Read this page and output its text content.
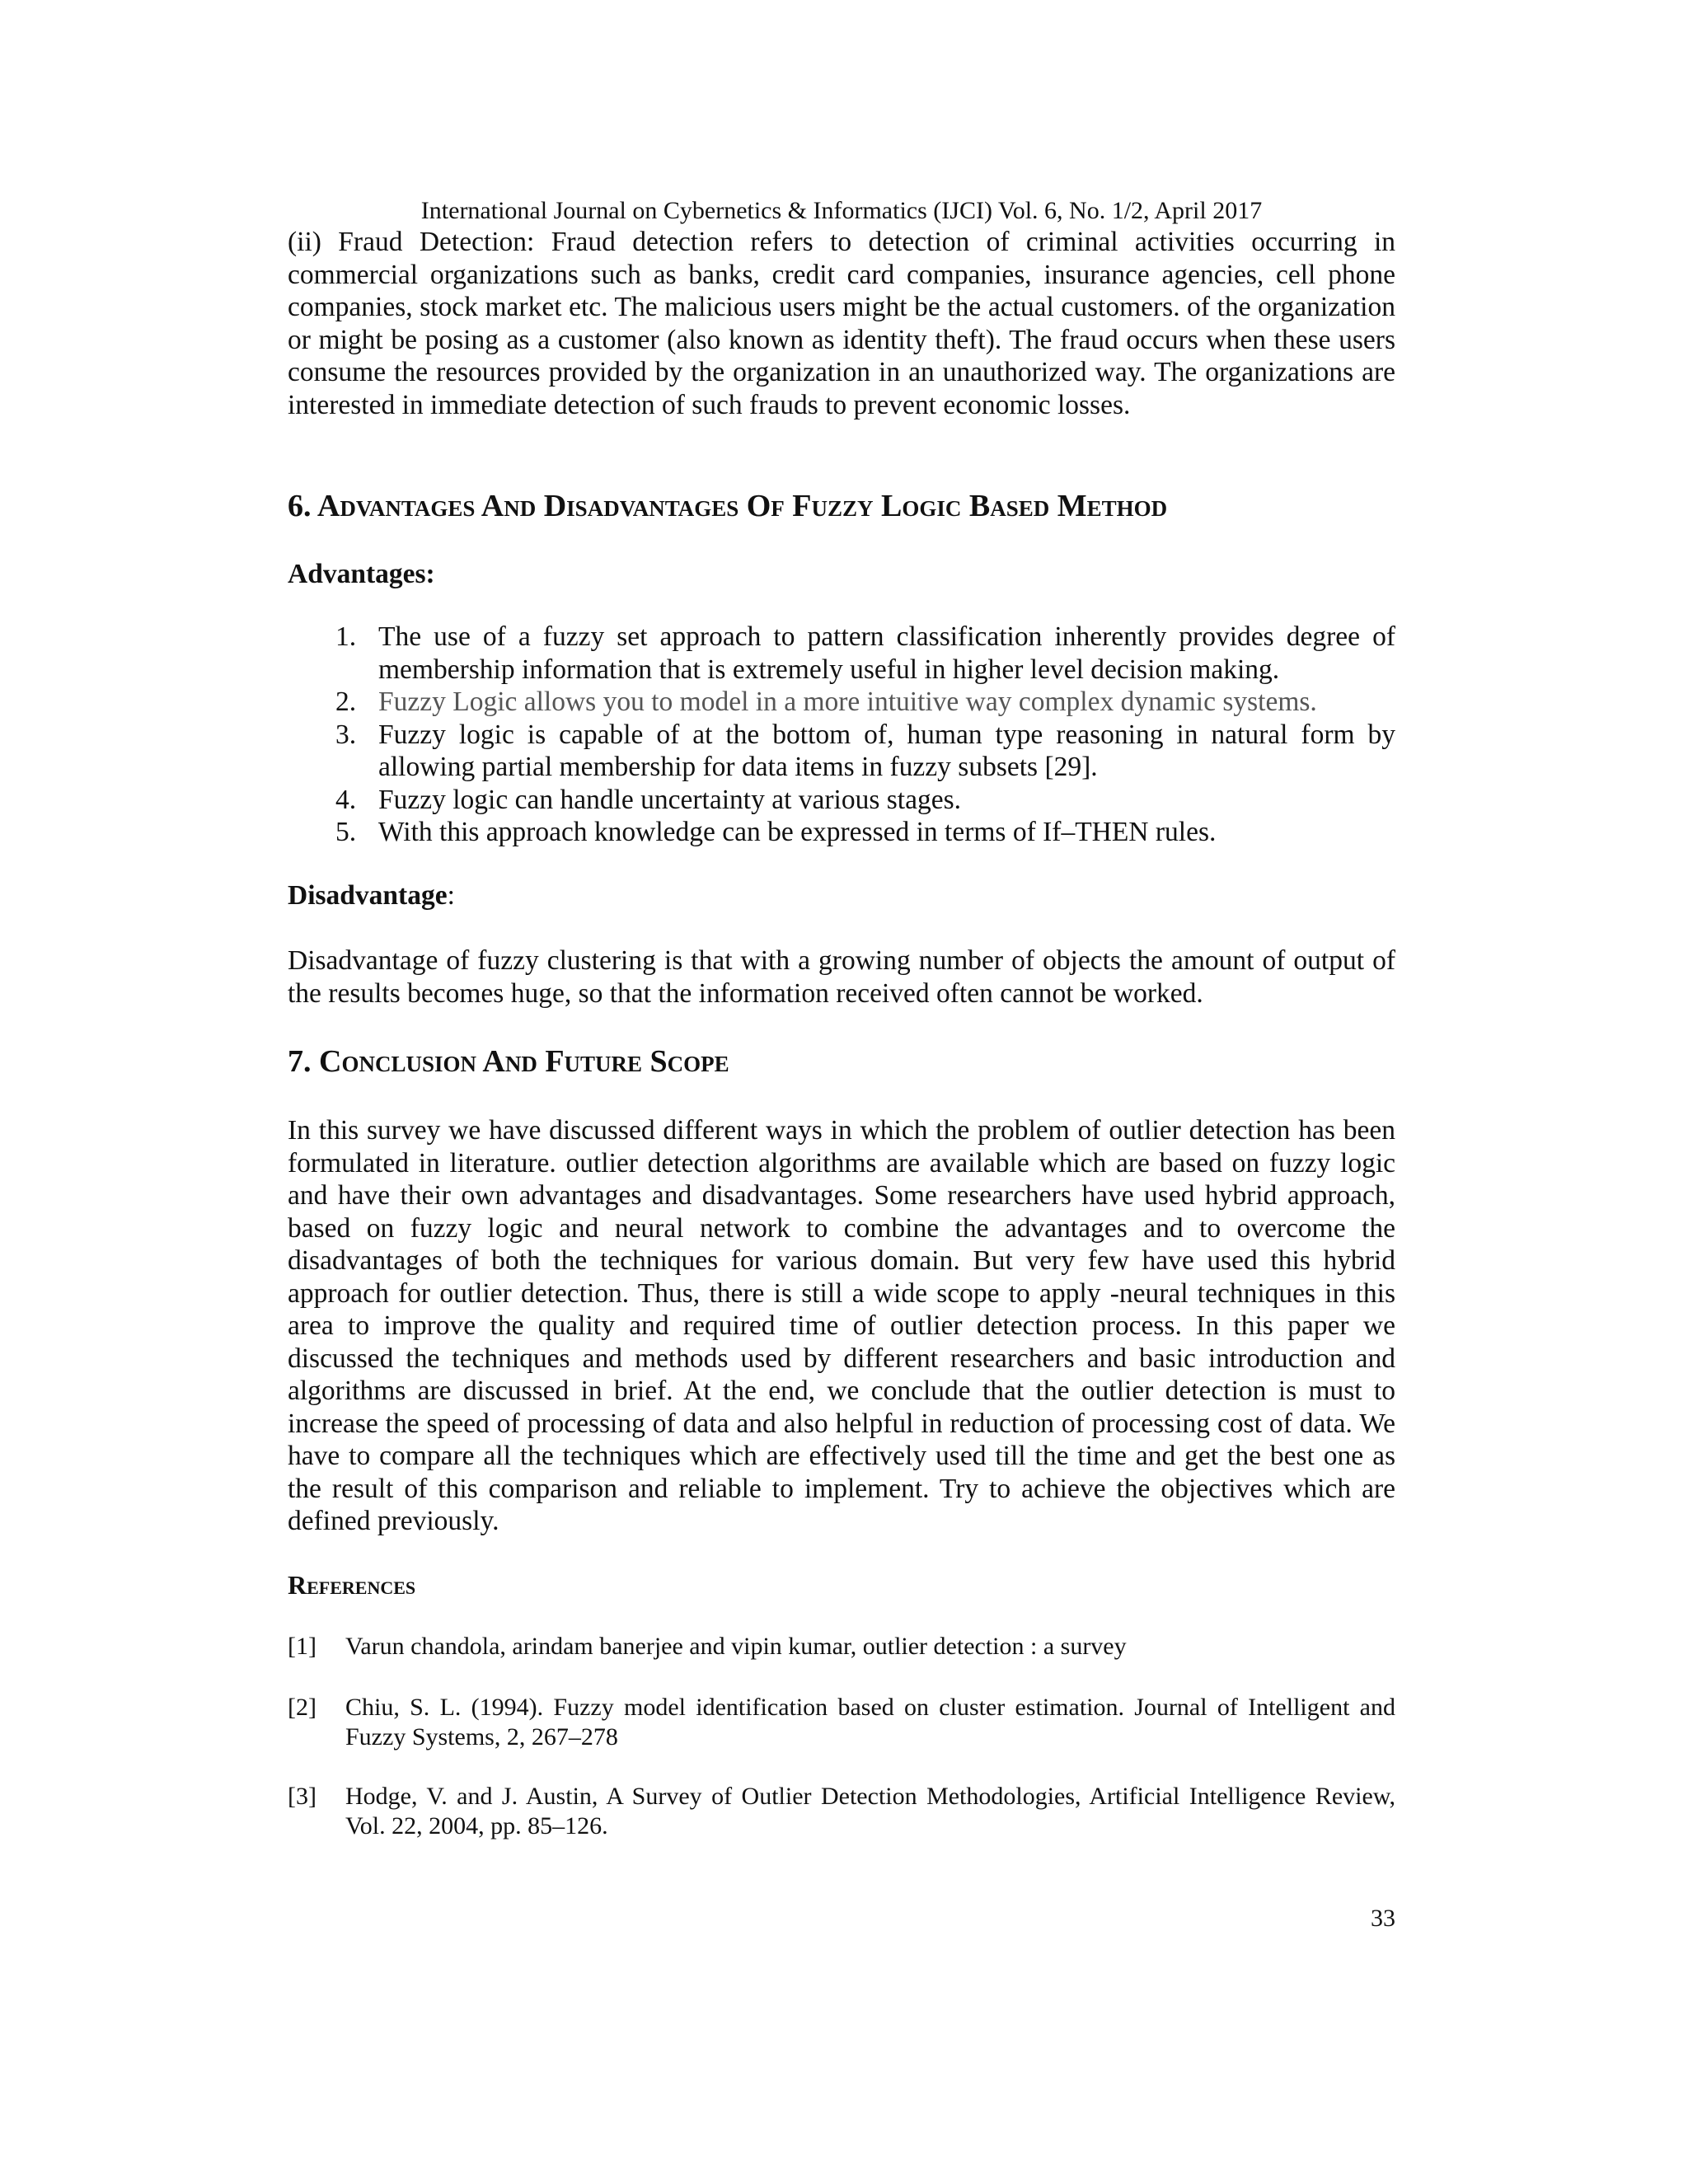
International Journal on Cybernetics & Informatics (IJCI) Vol. 6, No. 1/2, April 2017

(ii) Fraud Detection: Fraud detection refers to detection of criminal activities occurring in commercial organizations such as banks, credit card companies, insurance agencies, cell phone companies, stock market etc. The malicious users might be the actual customers. of the organization or might be posing as a customer (also known as identity theft). The fraud occurs when these users consume the resources provided by the organization in an unauthorized way. The organizations are interested in immediate detection of such frauds to prevent economic losses.

6. Advantages And Disadvantages Of Fuzzy Logic Based Method
Advantages:
1. The use of a fuzzy set approach to pattern classification inherently provides degree of membership information that is extremely useful in higher level decision making.
2. Fuzzy Logic allows you to model in a more intuitive way complex dynamic systems.
3. Fuzzy logic is capable of at the bottom of, human type reasoning in natural form by allowing partial membership for data items in fuzzy subsets [29].
4. Fuzzy logic can handle uncertainty at various stages.
5. With this approach knowledge can be expressed in terms of If–THEN rules.
Disadvantage:

Disadvantage of fuzzy clustering is that with a growing number of objects the amount of output of the results becomes huge, so that the information received often cannot be worked.

7. Conclusion And Future Scope

In this survey we have discussed different ways in which the problem of outlier detection has been formulated in literature. outlier detection algorithms are available which are based on fuzzy logic and have their own advantages and disadvantages. Some researchers have used hybrid approach, based on fuzzy logic and neural network to combine the advantages and to overcome the disadvantages of both the techniques for various domain. But very few have used this hybrid approach for outlier detection. Thus, there is still a wide scope to apply -neural techniques in this area to improve the quality and required time of outlier detection process. In this paper we discussed the techniques and methods used by different researchers and basic introduction and algorithms are discussed in brief. At the end, we conclude that the outlier detection is must to increase the speed of processing of data and also helpful in reduction of processing cost of data. We have to compare all the techniques which are effectively used till the time and get the best one as the result of this comparison and reliable to implement. Try to achieve the objectives which are defined previously.

References

[1] Varun chandola, arindam banerjee and vipin kumar, outlier detection : a survey

[2] Chiu, S. L. (1994). Fuzzy model identification based on cluster estimation. Journal of Intelligent and Fuzzy Systems, 2, 267–278

[3] Hodge, V. and J. Austin, A Survey of Outlier Detection Methodologies, Artificial Intelligence Review, Vol. 22, 2004, pp. 85–126.

33
